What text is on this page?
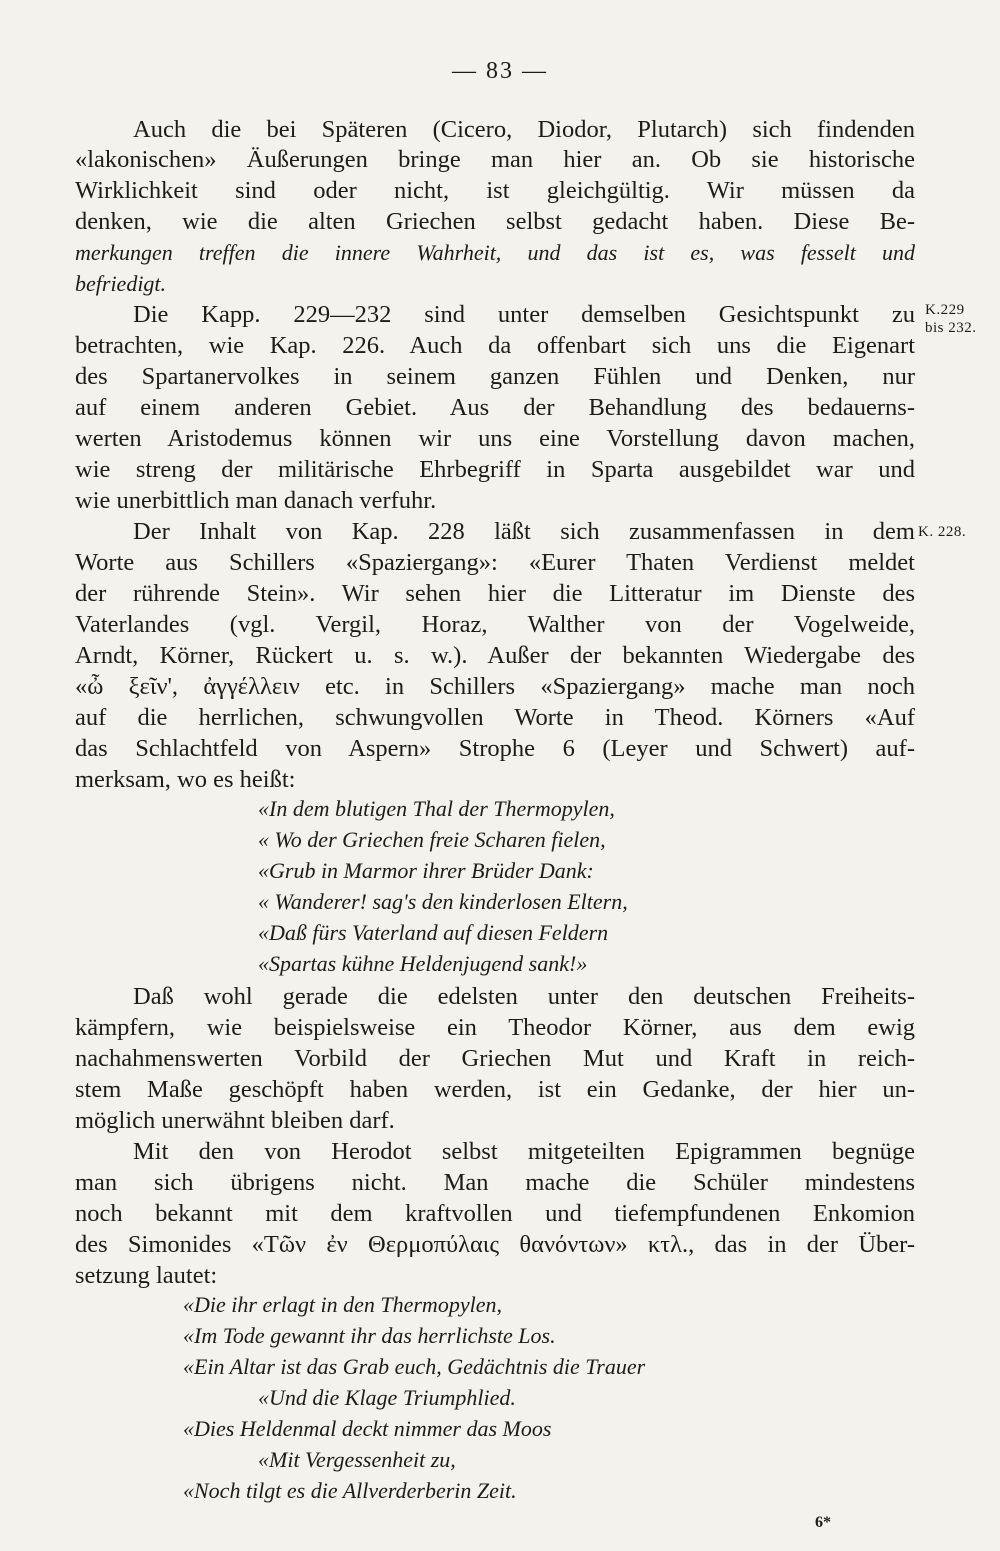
— 83 —
Auch die bei Späteren (Cicero, Diodor, Plutarch) sich findenden
«lakonischen» Äußerungen bringe man hier an. Ob sie historische
Wirklichkeit sind oder nicht, ist gleichgültig. Wir müssen da
denken, wie die alten Griechen selbst gedacht haben. Diese Be-
merkungen treffen die innere Wahrheit, und das ist es, was fesselt und
befriedigt.
Die Kapp. 229—232 sind unter demselben Gesichtspunkt zu
betrachten, wie Kap. 226. Auch da offenbart sich uns die Eigenart
des Spartanervolkes in seinem ganzen Fühlen und Denken, nur
auf einem anderen Gebiet. Aus der Behandlung des bedauerns-
werten Aristodemus können wir uns eine Vorstellung davon machen,
wie streng der militärische Ehrbegriff in Sparta ausgebildet war und
wie unerbittlich man danach verfuhr.
Der Inhalt von Kap. 228 läßt sich zusammenfassen in dem
Worte aus Schillers «Spaziergang»: «Eurer Thaten Verdienst meldet
der rührende Stein». Wir sehen hier die Litteratur im Dienste des
Vaterlandes (vgl. Vergil, Horaz, Walther von der Vogelweide,
Arndt, Körner, Rückert u. s. w.). Außer der bekannten Wiedergabe des
«ὦ ξεῖν', ἀγγέλλειν etc. in Schillers «Spaziergang» mache man noch
auf die herrlichen, schwungvollen Worte in Theod. Körners «Auf
das Schlachtfeld von Aspern» Strophe 6 (Leyer und Schwert) auf-
merksam, wo es heißt:
«In dem blutigen Thal der Thermopylen,
« Wo der Griechen freie Scharen fielen,
«Grub in Marmor ihrer Brüder Dank:
« Wanderer! sag's den kinderlosen Eltern,
«Daß fürs Vaterland auf diesen Feldern
«Spartas kühne Heldenjugend sank!»
Daß wohl gerade die edelsten unter den deutschen Freiheits-
kämpfern, wie beispielsweise ein Theodor Körner, aus dem ewig
nachahmenswerten Vorbild der Griechen Mut und Kraft in reich-
stem Maße geschöpft haben werden, ist ein Gedanke, der hier un-
möglich unerwähnt bleiben darf.
Mit den von Herodot selbst mitgeteilten Epigrammen begnüge
man sich übrigens nicht. Man mache die Schüler mindestens
noch bekannt mit dem kraftvollen und tiefempfundenen Enkomion
des Simonides «Τῶν ἐν Θερμοπύλαις θανόντων» κτλ., das in der Über-
setzung lautet:
«Die ihr erlagt in den Thermopylen,
«Im Tode gewannt ihr das herrlichste Los.
«Ein Altar ist das Grab euch, Gedächtnis die Trauer
«Und die Klage Triumphlied.
«Dies Heldenmal deckt nimmer das Moos
«Mit Vergessenheit zu,
«Noch tilgt es die Allverderberin Zeit.
K.229
bis 232.
K. 228.
6*
